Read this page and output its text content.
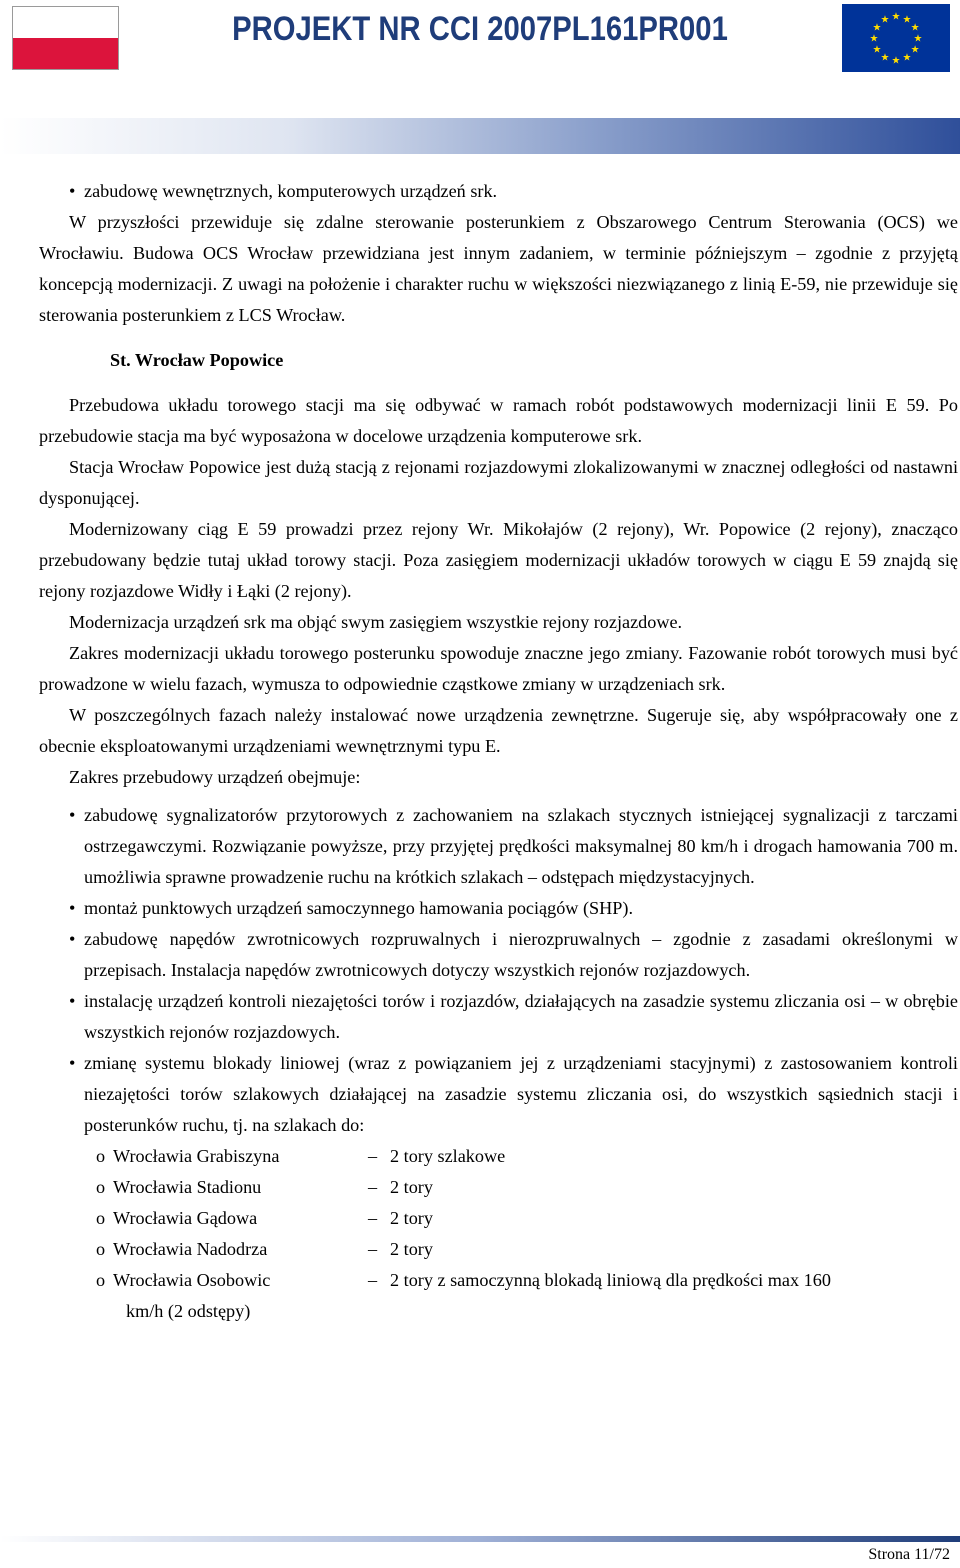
PROJEKT NR CCI 2007PL161PR001	★ ★
★
★
★
★
★
★
★
★
★
★

• zabudowę wewnętrznych, komputerowych urządzeń srk.

W przyszłości przewiduje się zdalne sterowanie posterunkiem z Obszarowego Centrum Sterowania (OCS) we Wrocławiu. Budowa OCS Wrocław przewidziana jest innym zadaniem, w terminie późniejszym – zgodnie z przyjętą koncepcją modernizacji. Z uwagi na położenie i charakter ruchu w większości niezwiązanego z linią E-59, nie przewiduje się sterowania posterunkiem z LCS Wrocław.

St. Wrocław Popowice

Przebudowa układu torowego stacji ma się odbywać w ramach robót podstawowych modernizacji linii E 59. Po przebudowie stacja ma być wyposażona w docelowe urządzenia komputerowe srk.

Stacja Wrocław Popowice jest dużą stacją z rejonami rozjazdowymi zlokalizowanymi w znacznej odległości od nastawni dysponującej.

Modernizowany ciąg E 59 prowadzi przez rejony Wr. Mikołajów (2 rejony), Wr. Popowice (2 rejony), znacząco przebudowany będzie tutaj układ torowy stacji. Poza zasięgiem modernizacji układów torowych w ciągu E 59 znajdą się rejony rozjazdowe Widły i Łąki (2 rejony).

Modernizacja urządzeń srk ma objąć swym zasięgiem wszystkie rejony rozjazdowe.

Zakres modernizacji układu torowego posterunku spowoduje znaczne jego zmiany. Fazowanie robót torowych musi być prowadzone w wielu fazach, wymusza to odpowiednie cząstkowe zmiany w urządzeniach srk.

W poszczególnych fazach należy instalować nowe urządzenia zewnętrzne. Sugeruje się, aby współpracowały one z obecnie eksploatowanymi urządzeniami wewnętrznymi typu E.

Zakres przebudowy urządzeń obejmuje:

• zabudowę sygnalizatorów przytorowych z zachowaniem na szlakach stycznych istniejącej sygnalizacji z tarczami ostrzegawczymi. Rozwiązanie powyższe, przy przyjętej prędkości maksymalnej 80 km/h i drogach hamowania 700 m. umożliwia sprawne prowadzenie ruchu na krótkich szlakach – odstępach międzystacyjnych.

• montaż punktowych urządzeń samoczynnego hamowania pociągów (SHP).

• zabudowę napędów zwrotnicowych rozpruwalnych i nierozpruwalnych – zgodnie z zasadami określonymi w przepisach. Instalacja napędów zwrotnicowych dotyczy wszystkich rejonów rozjazdowych.

• instalację urządzeń kontroli niezajętości torów i rozjazdów, działających na zasadzie systemu zliczania osi – w obrębie wszystkich rejonów rozjazdowych.

• zmianę systemu blokady liniowej (wraz z powiązaniem jej z urządzeniami stacyjnymi) z zastosowaniem kontroli niezajętości torów szlakowych działającej na zasadzie systemu zliczania osi, do wszystkich sąsiednich stacji i posterunków ruchu, tj. na szlakach do:

o Wrocławia Grabiszyna	– 2 tory szlakowe
o Wrocławia Stadionu	– 2 tory
o Wrocławia Gądowa	– 2 tory
o Wrocławia Nadodrza	– 2 tory
o Wrocławia Osobowic	– 2 tory z samoczynną blokadą liniową dla prędkości max 160

km/h (2 odstępy)

Strona 11/72
